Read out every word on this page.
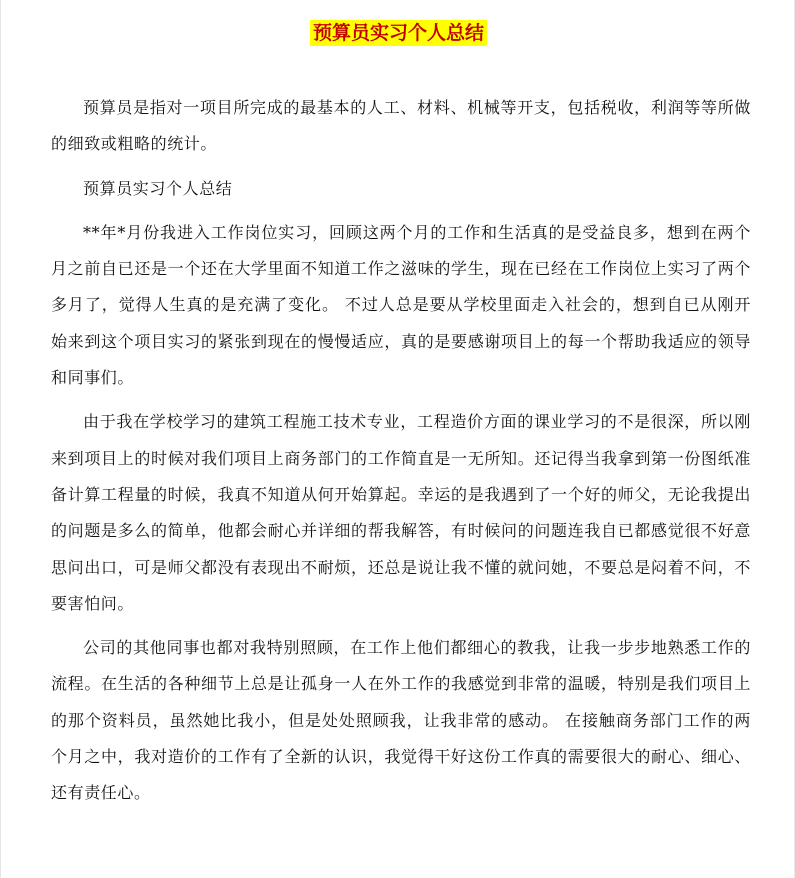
预算员实习个人总结

预算员是指对一项目所完成的最基本的人工、材料、机械等开支，包括税收，利润等等所做的细致或粗略的统计。

预算员实习个人总结

**年*月份我进入工作岗位实习，回顾这两个月的工作和生活真的是受益良多，想到在两个月之前自已还是一个还在大学里面不知道工作之滋味的学生，现在已经在工作岗位上实习了两个多月了，觉得人生真的是充满了变化。 不过人总是要从学校里面走入社会的，想到自已从刚开始来到这个项目实习的紧张到现在的慢慢适应，真的是要感谢项目上的每一个帮助我适应的领导和同事们。

由于我在学校学习的建筑工程施工技术专业，工程造价方面的课业学习的不是很深，所以刚来到项目上的时候对我们项目上商务部门的工作简直是一无所知。还记得当我拿到第一份图纸准备计算工程量的时候，我真不知道从何开始算起。幸运的是我遇到了一个好的师父，无论我提出的问题是多么的简单，他都会耐心并详细的帮我解答，有时候问的问题连我自已都感觉很不好意思问出口，可是师父都没有表现出不耐烦，还总是说让我不懂的就问她，不要总是闷着不问，不要害怕问。

公司的其他同事也都对我特别照顾，在工作上他们都细心的教我，让我一步步地熟悉工作的流程。在生活的各种细节上总是让孤身一人在外工作的我感觉到非常的温暖，特别是我们项目上的那个资料员，虽然她比我小，但是处处照顾我，让我非常的感动。 在接触商务部门工作的两个月之中，我对造价的工作有了全新的认识，我觉得干好这份工作真的需要很大的耐心、细心、还有责任心。
